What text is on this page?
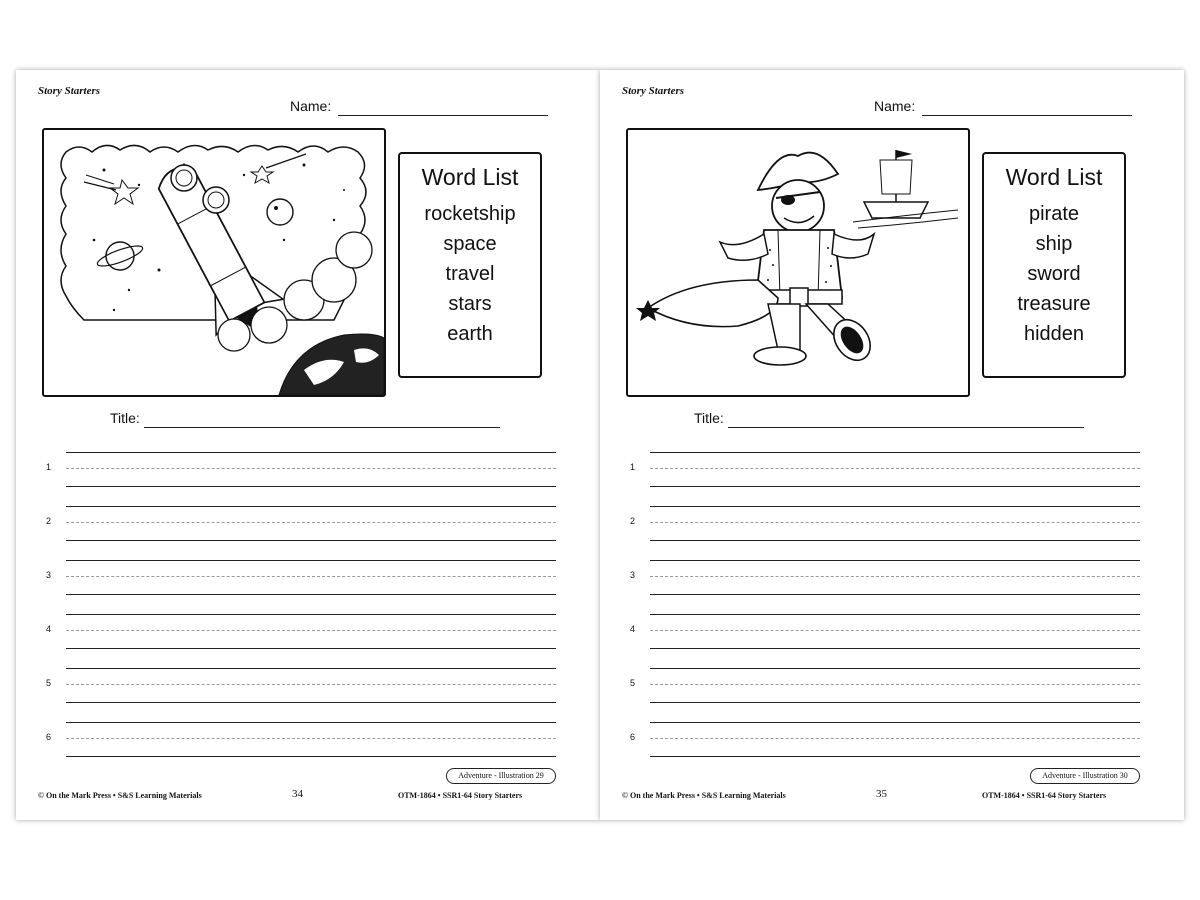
Story Starters
Name:
Word List
rocketship
space
travel
stars
earth
Title:
1
2
3
4
5
6
Adventure - Illustration 29
© On the Mark Press • S&S Learning Materials	34	OTM-1864 • SSR1-64 Story Starters
Story Starters
Name:
Word List
pirate
ship
sword
treasure
hidden
Title:
1
2
3
4
5
6
Adventure - Illustration 30
© On the Mark Press • S&S Learning Materials	35	OTM-1864 • SSR1-64 Story Starters
